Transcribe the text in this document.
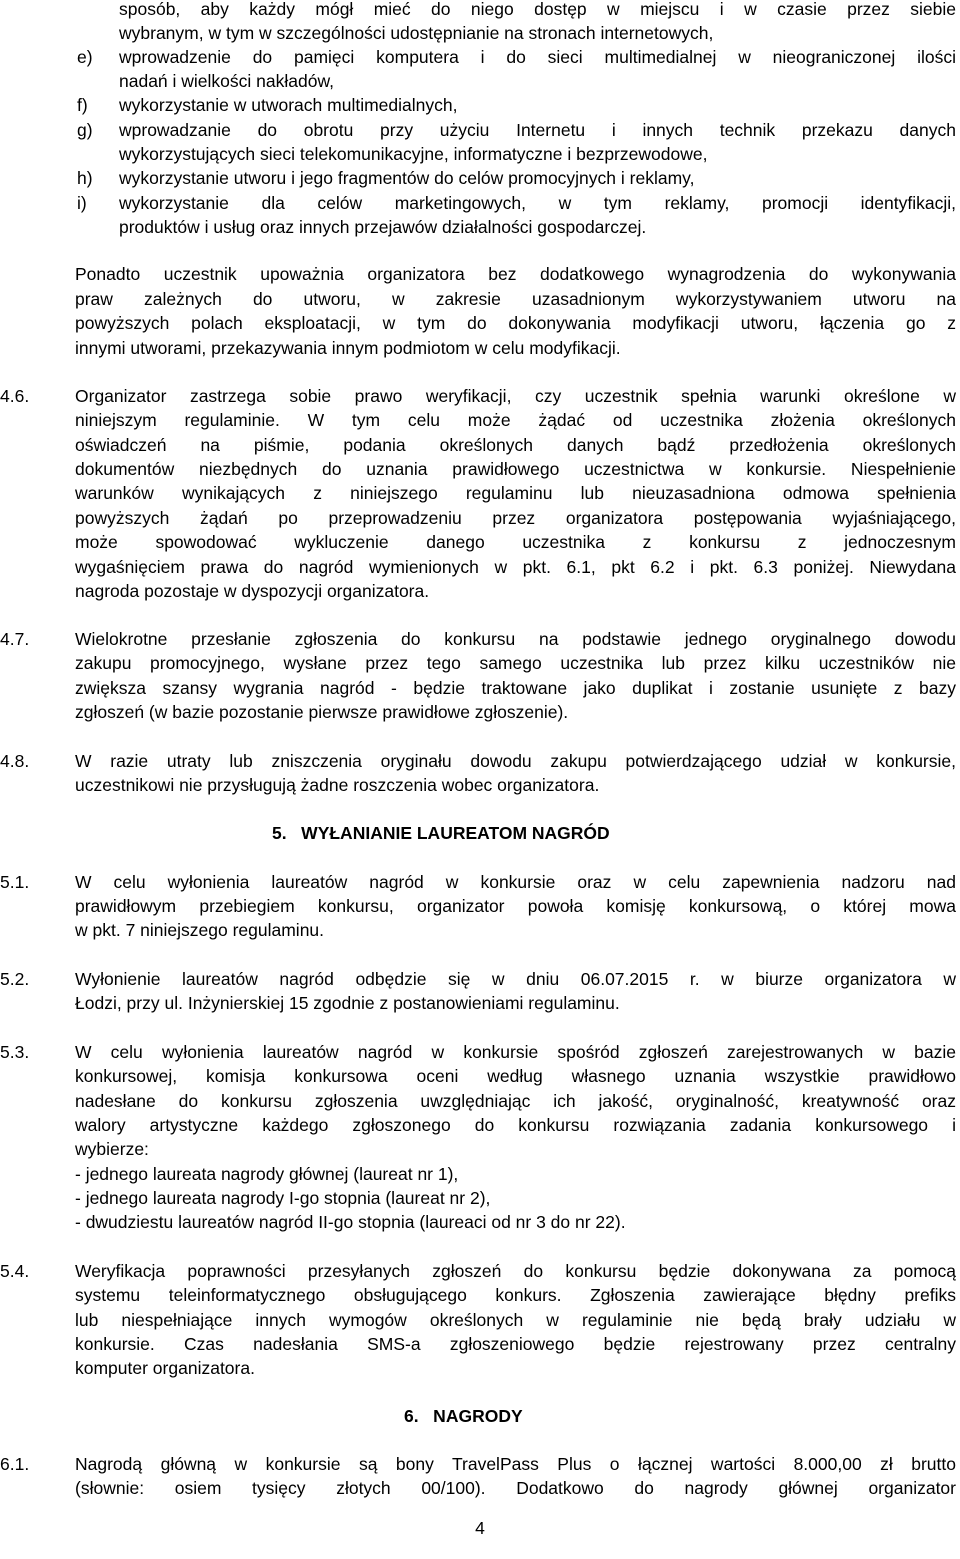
sposób, aby każdy mógł mieć do niego dostęp w miejscu i w czasie przez siebie
wybranym, w tym w szczególności udostępnianie na stronach internetowych,
e) wprowadzenie do pamięci komputera i do sieci multimedialnej w nieograniczonej ilości
nadań i wielkości nakładów,
f) wykorzystanie w utworach multimedialnych,
g) wprowadzanie do obrotu przy użyciu Internetu i innych technik przekazu danych
wykorzystujących sieci telekomunikacyjne, informatyczne i bezprzewodowe,
h) wykorzystanie utworu i jego fragmentów do celów promocyjnych i reklamy,
i) wykorzystanie dla celów marketingowych, w tym reklamy, promocji identyfikacji,
produktów i usług oraz innych przejawów działalności gospodarczej.
Ponadto uczestnik upoważnia organizatora bez dodatkowego wynagrodzenia do wykonywania
praw zależnych do utworu, w zakresie uzasadnionym wykorzystywaniem utworu na
powyższych polach eksploatacji, w tym do dokonywania modyfikacji utworu, łączenia go z
innymi utworami, przekazywania innym podmiotom w celu modyfikacji.
4.6.	Organizator zastrzega sobie prawo weryfikacji, czy uczestnik spełnia warunki określone w
niniejszym regulaminie. W tym celu może żądać od uczestnika złożenia określonych
oświadczeń na piśmie, podania określonych danych bądź przedłożenia określonych
dokumentów niezbędnych do uznania prawidłowego uczestnictwa w konkursie. Niespełnienie
warunków wynikających z niniejszego regulaminu lub nieuzasadniona odmowa spełnienia
powyższych żądań po przeprowadzeniu przez organizatora postępowania wyjaśniającego,
może spowodować wykluczenie danego uczestnika z konkursu z jednoczesnym
wygaśnięciem prawa do nagród wymienionych w pkt. 6.1, pkt 6.2 i pkt. 6.3 poniżej. Niewydana
nagroda pozostaje w dyspozycji organizatora.
4.7.	Wielokrotne przesłanie zgłoszenia do konkursu na podstawie jednego oryginalnego dowodu
zakupu promocyjnego, wysłane przez tego samego uczestnika lub przez kilku uczestników nie
zwiększa szansy wygrania nagród - będzie traktowane jako duplikat i zostanie usunięte z bazy
zgłoszeń (w bazie pozostanie pierwsze prawidłowe zgłoszenie).
4.8.	W razie utraty lub zniszczenia oryginału dowodu zakupu potwierdzającego udział w konkursie,
uczestnikowi nie przysługują żadne roszczenia wobec organizatora.
5.   WYŁANIANIE LAUREATOM NAGRÓD
5.1.	W celu wyłonienia laureatów nagród w konkursie oraz w celu zapewnienia nadzoru nad
prawidłowym przebiegiem konkursu, organizator powoła komisję konkursową, o której mowa
w pkt. 7 niniejszego regulaminu.
5.2.	Wyłonienie laureatów nagród odbędzie się w dniu 06.07.2015 r. w biurze organizatora w
Łodzi, przy ul. Inżynierskiej 15 zgodnie z postanowieniami regulaminu.
5.3.	W celu wyłonienia laureatów nagród w konkursie spośród zgłoszeń zarejestrowanych w bazie
konkursowej, komisja konkursowa oceni według własnego uznania wszystkie prawidłowo
nadesłane do konkursu zgłoszenia uwzględniając ich jakość, oryginalność, kreatywność oraz
walory artystyczne każdego zgłoszonego do konkursu rozwiązania zadania konkursowego i
wybierze:
- jednego laureata nagrody głównej (laureat nr 1),
- jednego laureata nagrody I-go stopnia (laureat nr 2),
- dwudziestu laureatów nagród II-go stopnia (laureaci od nr 3 do nr 22).
5.4.	Weryfikacja poprawności przesyłanych zgłoszeń do konkursu będzie dokonywana za pomocą
systemu teleinformatycznego obsługującego konkurs. Zgłoszenia zawierające błędny prefiks
lub niespełniające innych wymogów określonych w regulaminie nie będą brały udziału w
konkursie. Czas nadesłania SMS-a zgłoszeniowego będzie rejestrowany przez centralny
komputer organizatora.
6.   NAGRODY
6.1.	Nagrodą główną w konkursie są bony TravelPass Plus o łącznej wartości 8.000,00 zł brutto
(słownie: osiem tysięcy złotych 00/100). Dodatkowo do nagrody głównej organizator
4
